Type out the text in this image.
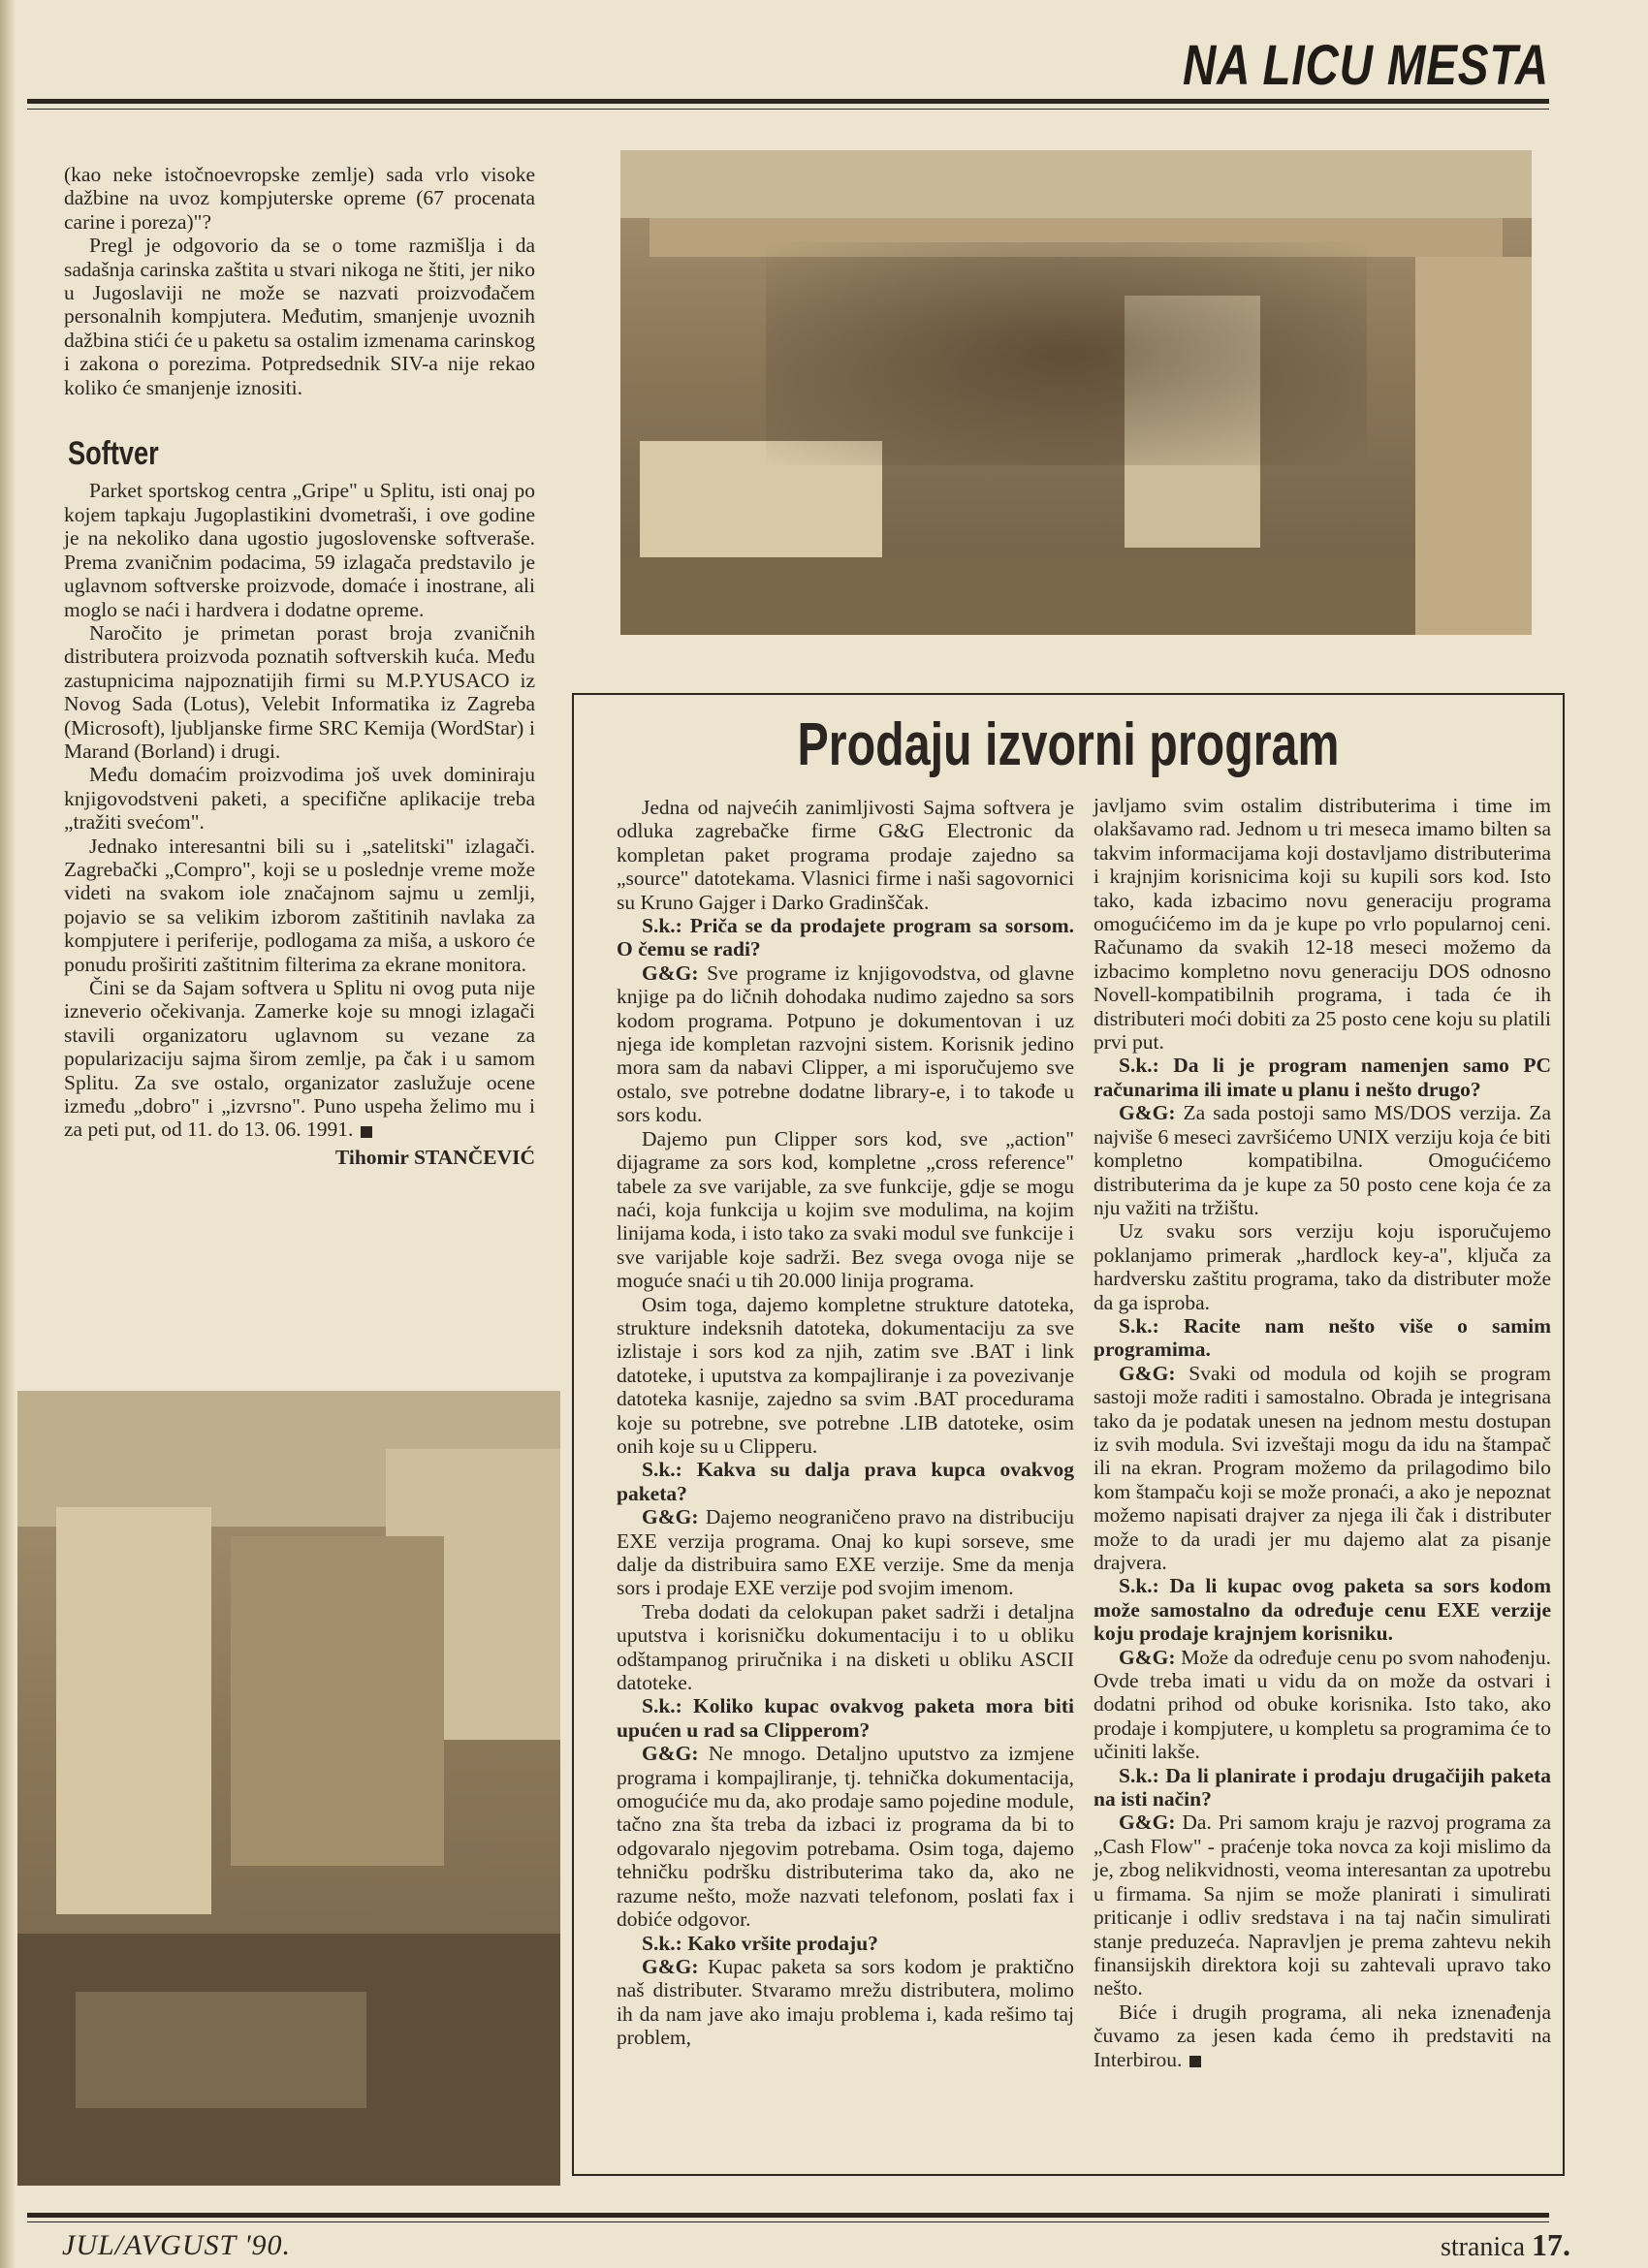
NA LICU MESTA

(kao neke istočnoevropske zemlje) sada vrlo visoke dažbine na uvoz kompjuterske opreme (67 procenata carine i poreza)"?

Pregl je odgovorio da se o tome razmišlja i da sadašnja carinska zaštita u stvari nikoga ne štiti, jer niko u Jugoslaviji ne može se nazvati proizvođačem personalnih kompjutera. Međutim, smanjenje uvoznih dažbina stići će u paketu sa ostalim izmenama carinskog i zakona o porezima. Potpredsednik SIV-a nije rekao koliko će smanjenje iznositi.

Softver

Parket sportskog centra „Gripe" u Splitu, isti onaj po kojem tapkaju Jugoplastikini dvometraši, i ove godine je na nekoliko dana ugostio jugoslovenske softveraše. Prema zvaničnim podacima, 59 izlagača predstavilo je uglavnom softverske proizvode, domaće i inostrane, ali moglo se naći i hardvera i dodatne opreme.

Naročito je primetan porast broja zvaničnih distributera proizvoda poznatih softverskih kuća. Među zastupnicima najpoznatijih firmi su M.P.YUSACO iz Novog Sada (Lotus), Velebit Informatika iz Zagreba (Microsoft), ljubljanske firme SRC Kemija (WordStar) i Marand (Borland) i drugi.

Među domaćim proizvodima još uvek dominiraju knjigovodstveni paketi, a specifične aplikacije treba „tražiti svećom".

Jednako interesantni bili su i „satelitski" izlagači. Zagrebački „Compro", koji se u poslednje vreme može videti na svakom iole značajnom sajmu u zemlji, pojavio se sa velikim izborom zaštitinih navlaka za kompjutere i periferije, podlogama za miša, a uskoro će ponudu proširiti zaštitnim filterima za ekrane monitora.

Čini se da Sajam softvera u Splitu ni ovog puta nije izneverio očekivanja. Zamerke koje su mnogi izlagači stavili organizatoru uglavnom su vezane za popularizaciju sajma širom zemlje, pa čak i u samom Splitu. Za sve ostalo, organizator zaslužuje ocene između „dobro" i „izvrsno". Puno uspeha želimo mu i za peti put, od 11. do 13. 06. 1991.

Tihomir STANČEVIĆ
Prodaju izvorni program

Jedna od najvećih zanimljivosti Sajma softvera je odluka zagrebačke firme G&G Electronic da kompletan paket programa prodaje zajedno sa „source" datotekama. Vlasnici firme i naši sagovornici su Kruno Gajger i Darko Gradinščak.

S.k.: Priča se da prodajete program sa sorsom. O čemu se radi?

G&G: Sve programe iz knjigovodstva, od glavne knjige pa do ličnih dohodaka nudimo zajedno sa sors kodom programa. Potpuno je dokumentovan i uz njega ide kompletan razvojni sistem. Korisnik jedino mora sam da nabavi Clipper, a mi isporučujemo sve ostalo, sve potrebne dodatne library-e, i to takođe u sors kodu.

Dajemo pun Clipper sors kod, sve „action" dijagrame za sors kod, kompletne „cross reference" tabele za sve varijable, za sve funkcije, gdje se mogu naći, koja funkcija u kojim sve modulima, na kojim linijama koda, i isto tako za svaki modul sve funkcije i sve varijable koje sadrži. Bez svega ovoga nije se moguće snaći u tih 20.000 linija programa.

Osim toga, dajemo kompletne strukture datoteka, strukture indeksnih datoteka, dokumentaciju za sve izlistaje i sors kod za njih, zatim sve .BAT i link datoteke, i uputstva za kompajliranje i za povezivanje datoteka kasnije, zajedno sa svim .BAT procedurama koje su potrebne, sve potrebne .LIB datoteke, osim onih koje su u Clipperu.

S.k.: Kakva su dalja prava kupca ovakvog paketa?

G&G: Dajemo neograničeno pravo na distribuciju EXE verzija programa. Onaj ko kupi sorseve, sme dalje da distribuira samo EXE verzije. Sme da menja sors i prodaje EXE verzije pod svojim imenom.

Treba dodati da celokupan paket sadrži i detaljna uputstva i korisničku dokumentaciju i to u obliku odštampanog priručnika i na disketi u obliku ASCII datoteke.

S.k.: Koliko kupac ovakvog paketa mora biti upućen u rad sa Clipperom?

G&G: Ne mnogo. Detaljno uputstvo za izmjene programa i kompajliranje, tj. tehnička dokumentacija, omogućiće mu da, ako prodaje samo pojedine module, tačno zna šta treba da izbaci iz programa da bi to odgovaralo njegovim potrebama. Osim toga, dajemo tehničku podršku distributerima tako da, ako ne razume nešto, može nazvati telefonom, poslati fax i dobiće odgovor.

S.k.: Kako vršite prodaju?

G&G: Kupac paketa sa sors kodom je praktično naš distributer. Stvaramo mrežu distributera, molimo ih da nam jave ako imaju problema i, kada rešimo taj problem,

javljamo svim ostalim distributerima i time im olakšavamo rad. Jednom u tri meseca imamo bilten sa takvim informacijama koji dostavljamo distributerima i krajnjim korisnicima koji su kupili sors kod. Isto tako, kada izbacimo novu generaciju programa omogućićemo im da je kupe po vrlo popularnoj ceni. Računamo da svakih 12-18 meseci možemo da izbacimo kompletno novu generaciju DOS odnosno Novell-kompatibilnih programa, i tada će ih distributeri moći dobiti za 25 posto cene koju su platili prvi put.

S.k.: Da li je program namenjen samo PC računarima ili imate u planu i nešto drugo?

G&G: Za sada postoji samo MS/DOS verzija. Za najviše 6 meseci završićemo UNIX verziju koja će biti kompletno kompatibilna. Omogućićemo distributerima da je kupe za 50 posto cene koja će za nju važiti na tržištu.

Uz svaku sors verziju koju isporučujemo poklanjamo primerak „hardlock key-a", ključa za hardversku zaštitu programa, tako da distributer može da ga isproba.

S.k.: Racite nam nešto više o samim programima.

G&G: Svaki od modula od kojih se program sastoji može raditi i samostalno. Obrada je integrisana tako da je podatak unesen na jednom mestu dostupan iz svih modula. Svi izveštaji mogu da idu na štampač ili na ekran. Program možemo da prilagodimo bilo kom štampaču koji se može pronaći, a ako je nepoznat možemo napisati drajver za njega ili čak i distributer može to da uradi jer mu dajemo alat za pisanje drajvera.

S.k.: Da li kupac ovog paketa sa sors kodom može samostalno da određuje cenu EXE verzije koju prodaje krajnjem korisniku.

G&G: Može da određuje cenu po svom nahođenju. Ovde treba imati u vidu da on može da ostvari i dodatni prihod od obuke korisnika. Isto tako, ako prodaje i kompjutere, u kompletu sa programima će to učiniti lakše.

S.k.: Da li planirate i prodaju drugačijih paketa na isti način?

G&G: Da. Pri samom kraju je razvoj programa za „Cash Flow" - praćenje toka novca za koji mislimo da je, zbog nelikvidnosti, veoma interesantan za upotrebu u firmama. Sa njim se može planirati i simulirati priticanje i odliv sredstava i na taj način simulirati stanje preduzeća. Napravljen je prema zahtevu nekih finansijskih direktora koji su zahtevali upravo tako nešto.

Biće i drugih programa, ali neka iznenađenja čuvamo za jesen kada ćemo ih predstaviti na Interbirou.

JUL/AVGUST '90.	stranica 17.
